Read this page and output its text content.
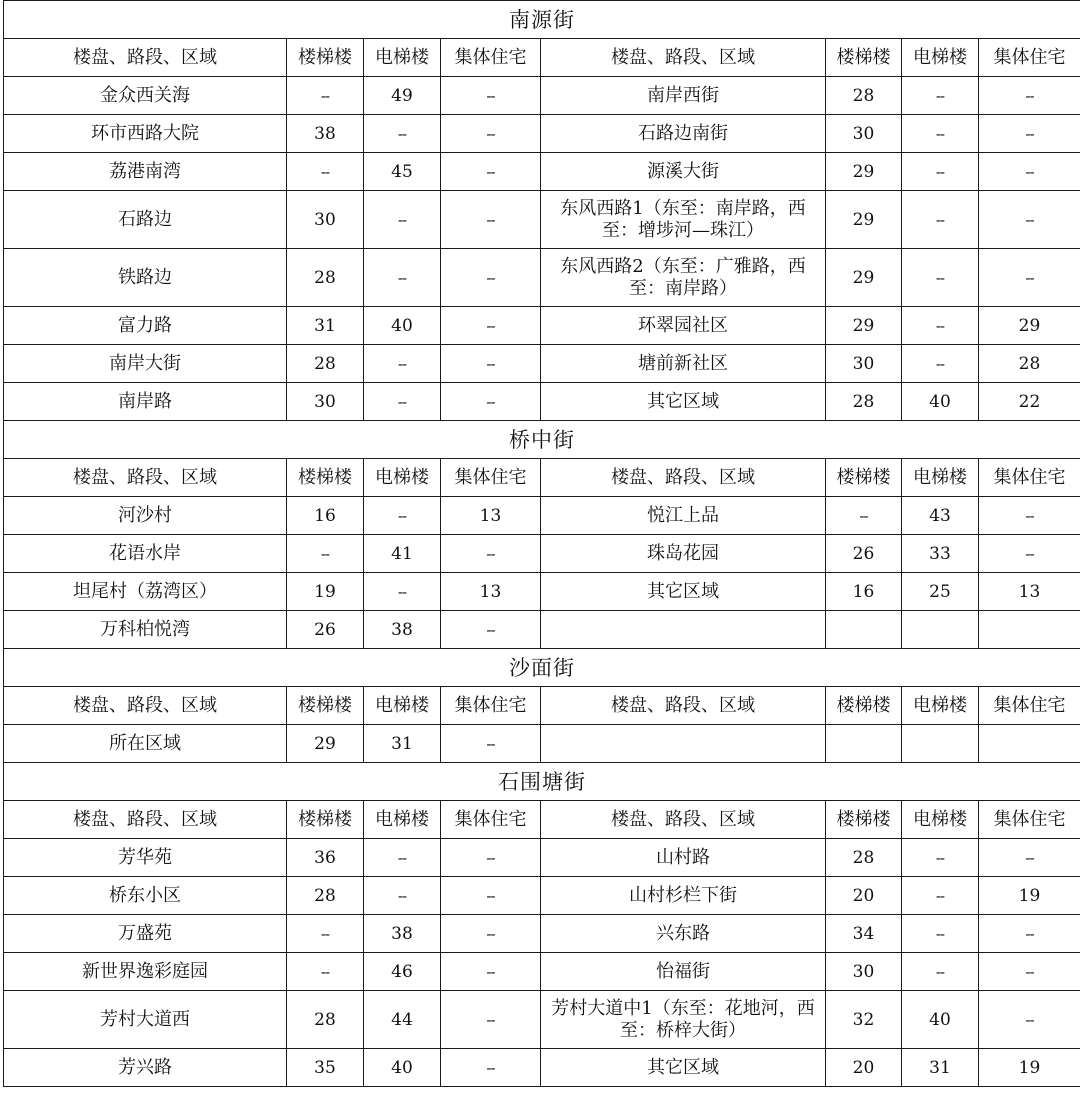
南源街							
楼盘、路段、区域	楼梯楼	电梯楼	集体住宅	楼盘、路段、区域	楼梯楼	电梯楼	集体住宅
金众西关海	--	49	--	南岸西街	28	--	--
环市西路大院	38	--	--	石路边南街	30	--	--
荔港南湾	--	45	--	源溪大街	29	--	--
石路边	30	--	--	东风西路1（东至：南岸路，西至：增埗河—珠江）	29	--	--
铁路边	28	--	--	东风西路2（东至：广雅路，西至：南岸路）	29	--	--
富力路	31	40	--	环翠园社区	29	--	29
南岸大街	28	--	--	塘前新社区	30	--	28
南岸路	30	--	--	其它区域	28	40	22
桥中街							
楼盘、路段、区域	楼梯楼	电梯楼	集体住宅	楼盘、路段、区域	楼梯楼	电梯楼	集体住宅
河沙村	16	--	13	悦江上品	--	43	--
花语水岸	--	41	--	珠岛花园	26	33	--
坦尾村（荔湾区）	19	--	13	其它区域	16	25	13
万科柏悦湾	26	38	--				
沙面街							
楼盘、路段、区域	楼梯楼	电梯楼	集体住宅	楼盘、路段、区域	楼梯楼	电梯楼	集体住宅
所在区域	29	31	--				
石围塘街							
楼盘、路段、区域	楼梯楼	电梯楼	集体住宅	楼盘、路段、区域	楼梯楼	电梯楼	集体住宅
芳华苑	36	--	--	山村路	28	--	--
桥东小区	28	--	--	山村杉栏下街	20	--	19
万盛苑	--	38	--	兴东路	34	--	--
新世界逸彩庭园	--	46	--	怡福街	30	--	--
芳村大道西	28	44	--	芳村大道中1（东至：花地河，西至：桥梓大街）	32	40	--
芳兴路	35	40	--	其它区域	20	31	19
